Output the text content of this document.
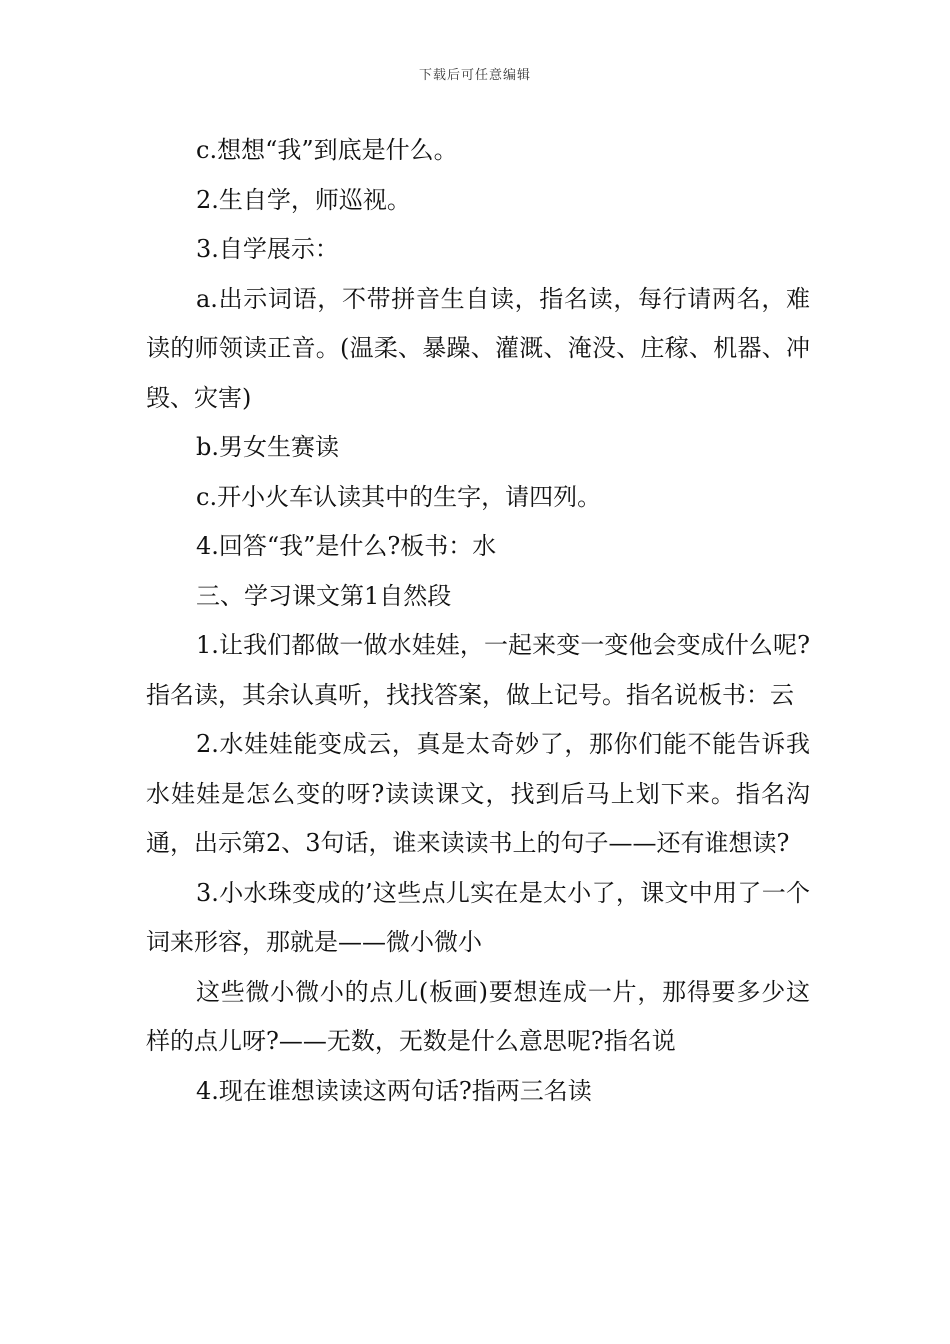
下载后可任意编辑

c.想想“我”到底是什么。

2.生自学，师巡视。

3.自学展示：

a.出示词语，不带拼音生自读，指名读，每行请两名，难读的师领读正音。(温柔、暴躁、灌溉、淹没、庄稼、机器、冲毁、灾害)

b.男女生赛读

c.开小火车认读其中的生字，请四列。

4.回答“我”是什么?板书：水

三、学习课文第1自然段

1.让我们都做一做水娃娃，一起来变一变他会变成什么呢?指名读，其余认真听，找找答案，做上记号。指名说板书：云

2.水娃娃能变成云，真是太奇妙了，那你们能不能告诉我水娃娃是怎么变的呀?读读课文，找到后马上划下来。指名沟通，出示第2、3句话，谁来读读书上的句子——还有谁想读?

3.小水珠变成的’这些点儿实在是太小了，课文中用了一个词来形容，那就是——微小微小

这些微小微小的点儿(板画)要想连成一片，那得要多少这样的点儿呀?——无数，无数是什么意思呢?指名说

4.现在谁想读读这两句话?指两三名读
